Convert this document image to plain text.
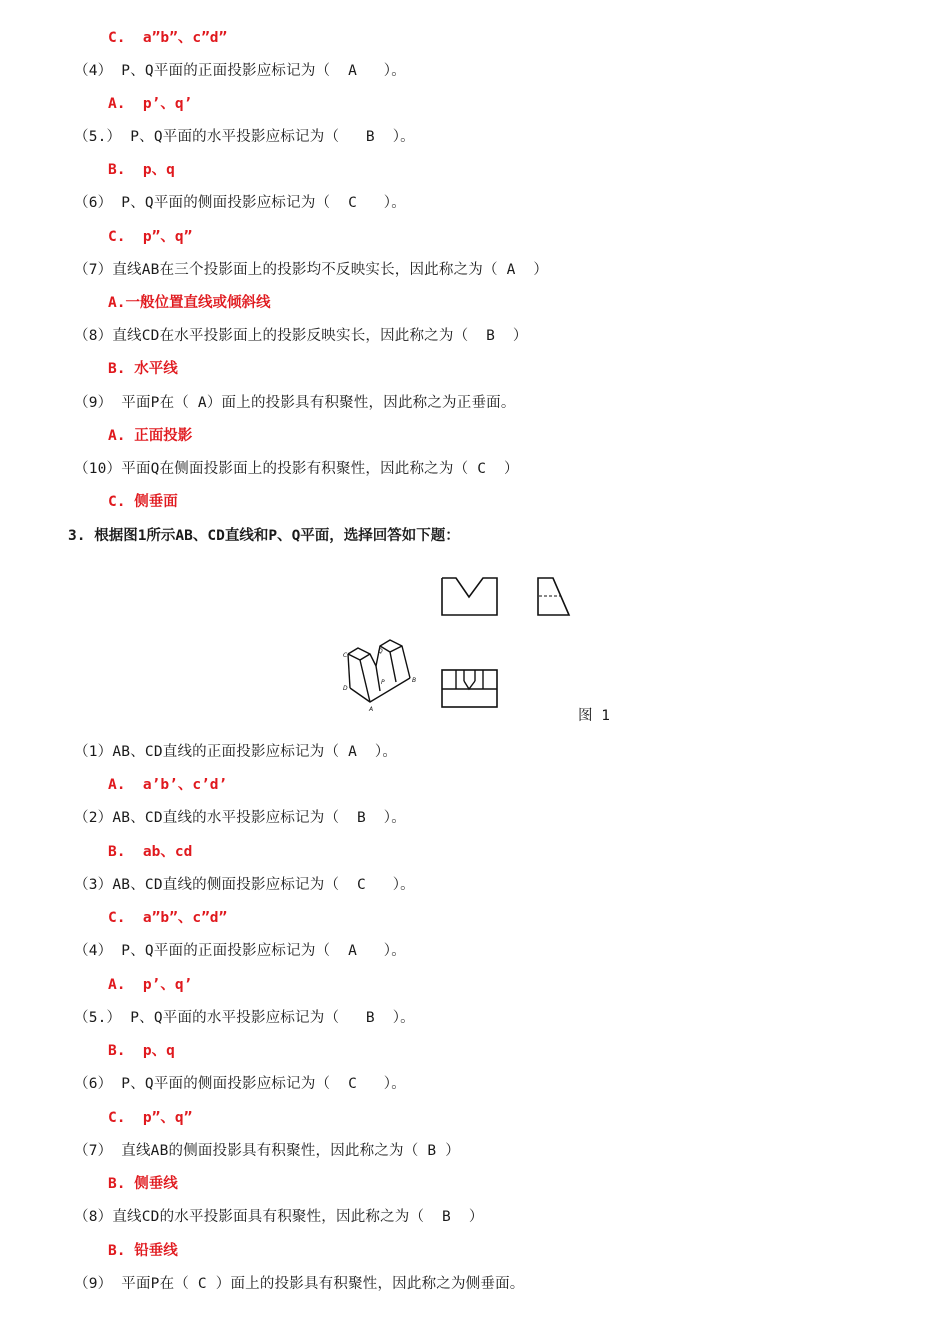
C.  a”b”、c”d”
（4） P、Q平面的正面投影应标记为（  A   ）。
A.  p’、q’
（5.） P、Q平面的水平投影应标记为（   B  ）。
B.  p、q
（6） P、Q平面的侧面投影应标记为（  C   ）。
C.  p”、q”
（7）直线AB在三个投影面上的投影均不反映实长，因此称之为（ A  ）
A.一般位置直线或倾斜线
（8）直线CD在水平投影面上的投影反映实长，因此称之为（  B  ）
B. 水平线
（9） 平面P在（ A）面上的投影具有积聚性，因此称之为正垂面。
A. 正面投影
（10）平面Q在侧面投影面上的投影有积聚性，因此称之为（ C  ）
C. 侧垂面
3. 根据图1所示AB、CD直线和P、Q平面，选择回答如下题：
C
Q
D
P	B
A	图 1
（1）AB、CD直线的正面投影应标记为（ A  ）。
A.  a’b’、c’d’
（2）AB、CD直线的水平投影应标记为（  B  ）。
B.  ab、cd
（3）AB、CD直线的侧面投影应标记为（  C   ）。
C.  a”b”、c”d”
（4） P、Q平面的正面投影应标记为（  A   ）。
A.  p’、q’
（5.） P、Q平面的水平投影应标记为（   B  ）。
B.  p、q
（6） P、Q平面的侧面投影应标记为（  C   ）。
C.  p”、q”
（7） 直线AB的侧面投影具有积聚性，因此称之为（ B ）
B. 侧垂线
（8）直线CD的水平投影面具有积聚性，因此称之为（  B  ）
B. 铅垂线
（9） 平面P在（ C ）面上的投影具有积聚性，因此称之为侧垂面。
